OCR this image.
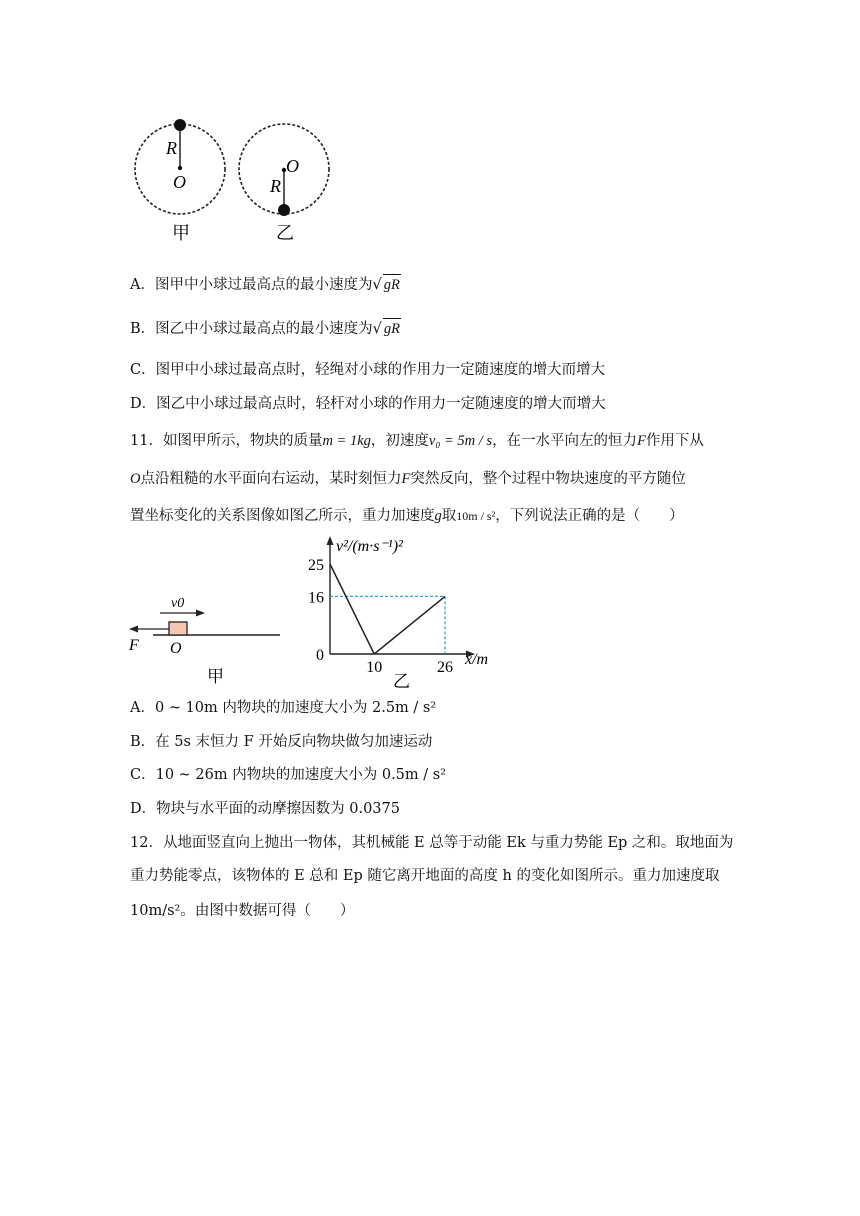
R
O
甲
O
R
乙
A．图甲中小球过最高点的最小速度为√ gR
B．图乙中小球过最高点的最小速度为√ gR
C．图甲中小球过最高点时，轻绳对小球的作用力一定随速度的增大而增大
D．图乙中小球过最高点时，轻杆对小球的作用力一定随速度的增大而增大
11．如图甲所示，物块的质量m = 1kg，初速度v₀ = 5m / s，在一水平向左的恒力F作用下从
O点沿粗糙的水平面向右运动，某时刻恒力F突然反向，整个过程中物块速度的平方随位
置坐标变化的关系图像如图乙所示，重力加速度g取10m / s²，下列说法正确的是（　　）
v0
F O
甲
v²/(m·s⁻¹)²
x/m
25
16
0
10	26
乙
A．0 ~ 10m 内物块的加速度大小为 2.5m / s²
B．在 5s 末恒力 F 开始反向物块做匀加速运动
C．10 ~ 26m 内物块的加速度大小为 0.5m / s²
D．物块与水平面的动摩擦因数为 0.0375
12．从地面竖直向上抛出一物体，其机械能 E 总等于动能 Ek 与重力势能 Ep 之和。取地面为
重力势能零点，该物体的 E 总和 Ep 随它离开地面的高度 h 的变化如图所示。重力加速度取
10m/s²。由图中数据可得（　　）
